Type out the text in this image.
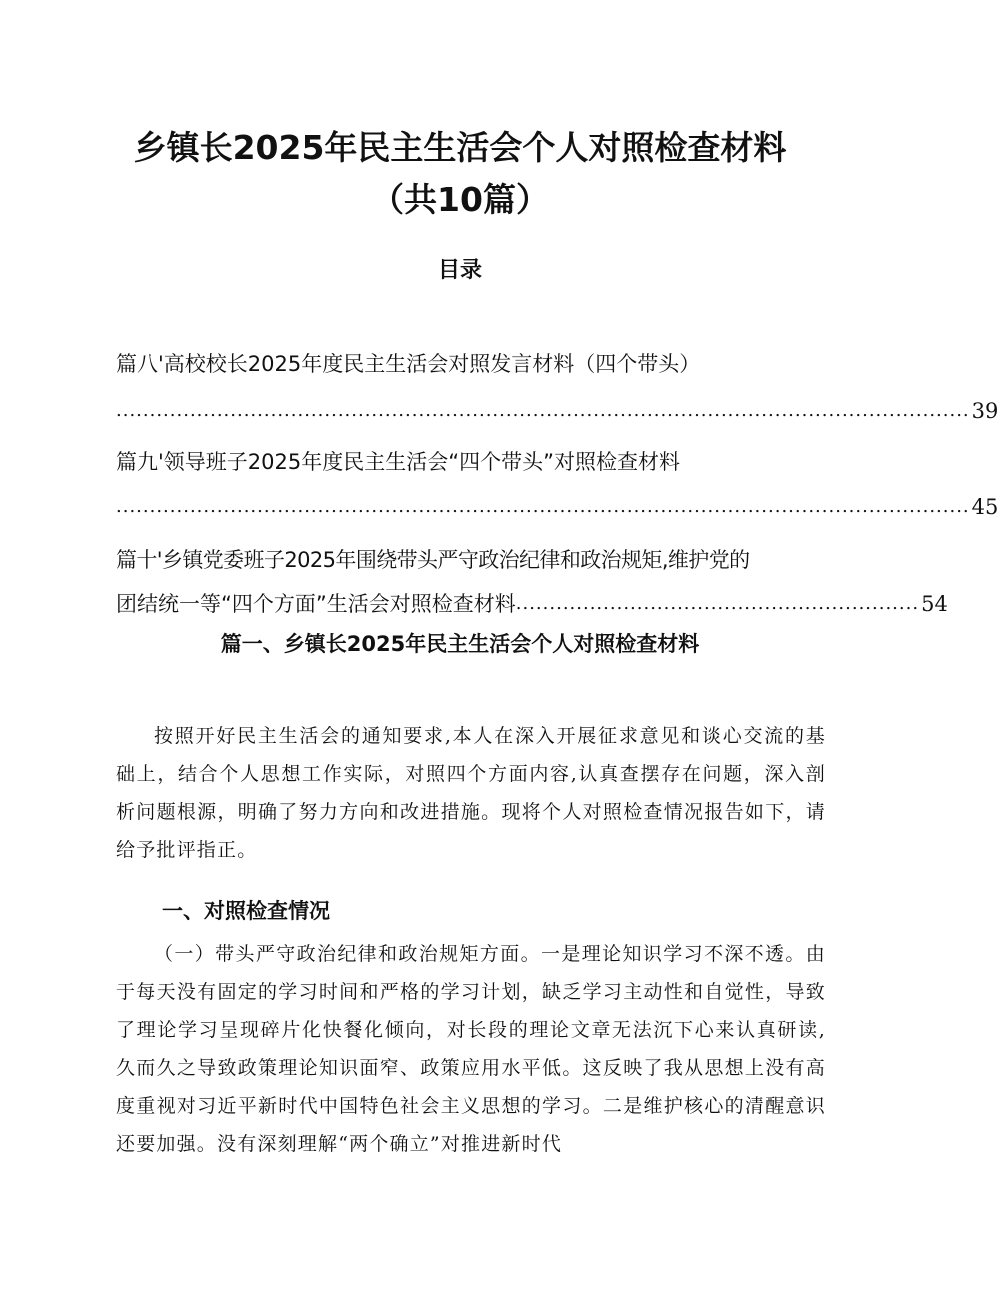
乡镇长2025年民主生活会个人对照检查材料
（共10篇）
目录
篇八'高校校长2025年度民主生活会对照发言材料（四个带头）
............................................................................................................................... 39
篇九'领导班子2025年度民主生活会“四个带头”对照检查材料
............................................................................................................................... 45
篇十'乡镇党委班子2025年围绕带头严守政治纪律和政治规矩,维护党的
团结统一等“四个方面”生活会对照检查材料 ............................................................ 54
篇一、乡镇长2025年民主生活会个人对照检查材料

按照开好民主生活会的通知要求,本人在深入开展征求意见和谈心交流的基础上，结合个人思想工作实际，对照四个方面内容,认真查摆存在问题，深入剖析问题根源，明确了努力方向和改进措施。现将个人对照检查情况报告如下，请给予批评指正。

一、对照检查情况

（一）带头严守政治纪律和政治规矩方面。一是理论知识学习不深不透。由于每天没有固定的学习时间和严格的学习计划，缺乏学习主动性和自觉性，导致了理论学习呈现碎片化快餐化倾向，对长段的理论文章无法沉下心来认真研读,久而久之导致政策理论知识面窄、政策应用水平低。这反映了我从思想上没有高度重视对习近平新时代中国特色社会主义思想的学习。二是维护核心的清醒意识还要加强。没有深刻理解“两个确立”对推进新时代
